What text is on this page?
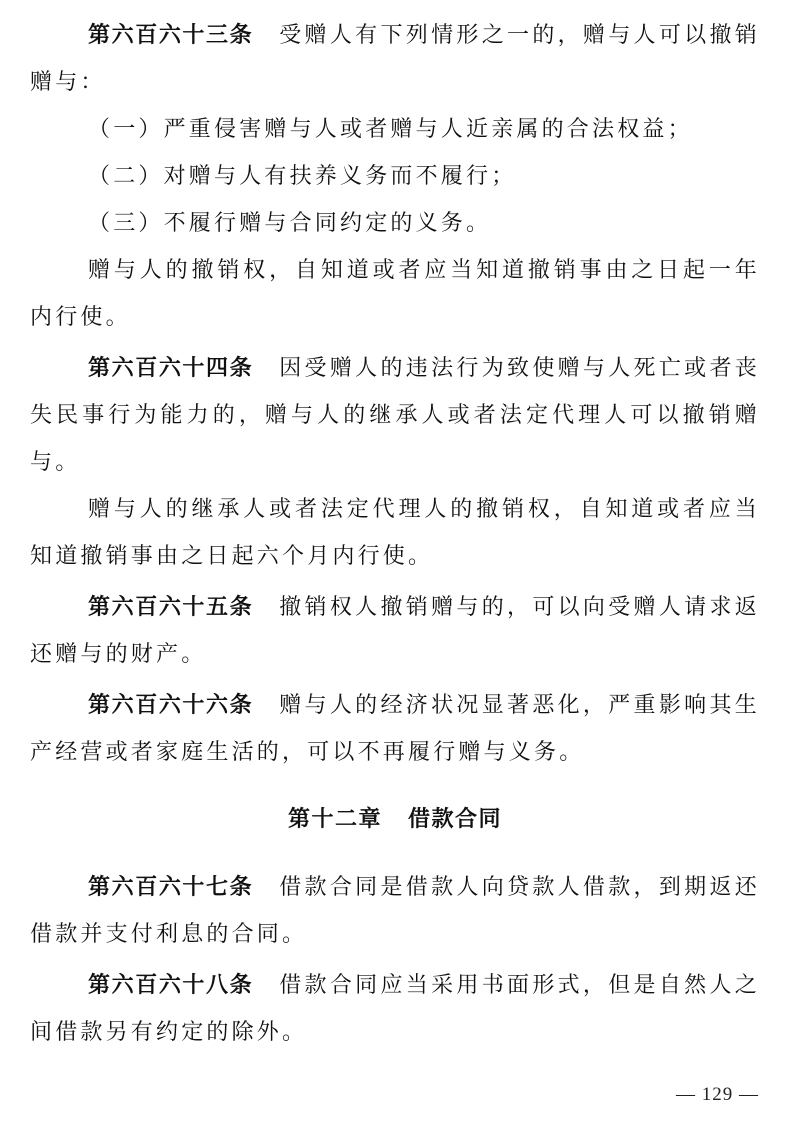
第六百六十三条 受赠人有下列情形之一的，赠与人可以撤销赠与：

（一）严重侵害赠与人或者赠与人近亲属的合法权益；

（二）对赠与人有扶养义务而不履行；

（三）不履行赠与合同约定的义务。

赠与人的撤销权，自知道或者应当知道撤销事由之日起一年内行使。

第六百六十四条 因受赠人的违法行为致使赠与人死亡或者丧失民事行为能力的，赠与人的继承人或者法定代理人可以撤销赠与。

赠与人的继承人或者法定代理人的撤销权，自知道或者应当知道撤销事由之日起六个月内行使。

第六百六十五条 撤销权人撤销赠与的，可以向受赠人请求返还赠与的财产。

第六百六十六条 赠与人的经济状况显著恶化，严重影响其生产经营或者家庭生活的，可以不再履行赠与义务。

第十二章 借款合同

第六百六十七条 借款合同是借款人向贷款人借款，到期返还借款并支付利息的合同。

第六百六十八条 借款合同应当采用书面形式，但是自然人之间借款另有约定的除外。

— 129 —
